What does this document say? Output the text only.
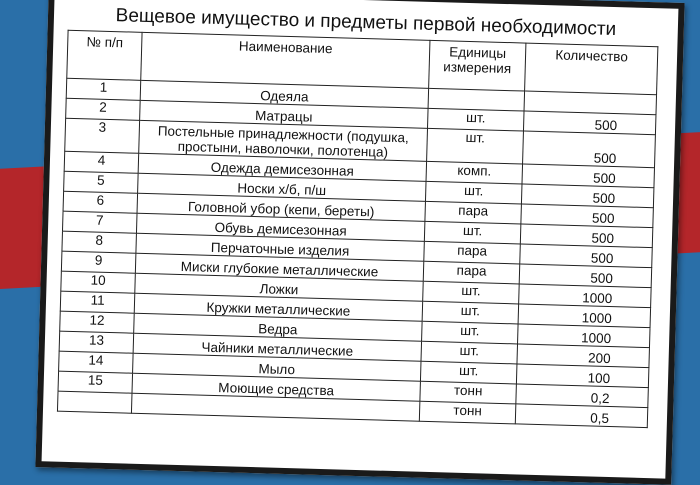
Вещевое имущество и предметы первой необходимости
№ п/п	Наименование	Единицы измерения	Количество
1	Одеяла		
2	Матрацы	шт.	500
3	Постельные принадлежности (подушка, простыни, наволочки, полотенца)	шт.	500
4	Одежда демисезонная	комп.	500
5	Носки х/б, п/ш	шт.	500
6	Головной убор (кепи, береты)	пара	500
7	Обувь демисезонная	шт.	500
8	Перчаточные изделия	пара	500
9	Миски глубокие металлические	пара	500
10	Ложки	шт.	1000
11	Кружки металлические	шт.	1000
12	Ведра	шт.	1000
13	Чайники металлические	шт.	200
14	Мыло	шт.	100
15	Моющие средства	тонн	0,2
		тонн	0,5
